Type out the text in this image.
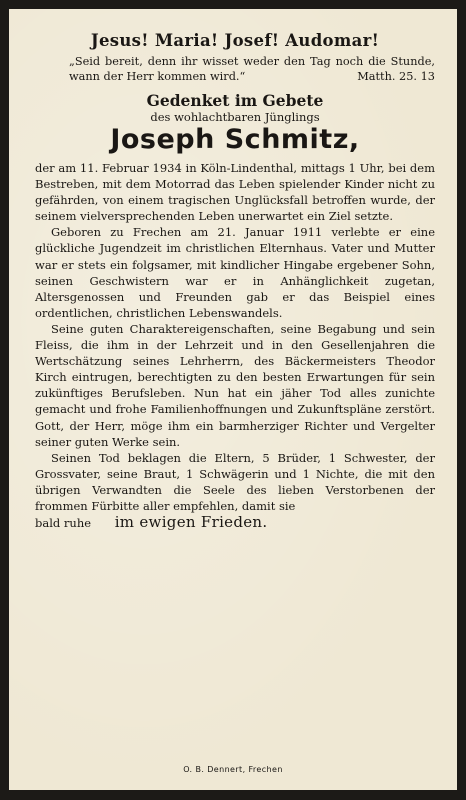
Jesus! Maria! Josef! Audomar!
„Seid bereit, denn ihr wisset weder den Tag noch die Stunde, wann der Herr kommen wird.“	Matth. 25. 13
Gedenket im Gebete
des wohlachtbaren Jünglings
Joseph Schmitz,

der am 11. Februar 1934 in Köln-Lindenthal, mittags 1 Uhr, bei dem Bestreben, mit dem Motorrad das Leben spielender Kinder nicht zu gefährden, von einem tragischen Unglücksfall betroffen wurde, der seinem vielversprechenden Leben unerwartet ein Ziel setzte.

Geboren zu Frechen am 21. Januar 1911 verlebte er eine glückliche Jugendzeit im christlichen Elternhaus. Vater und Mutter war er stets ein folgsamer, mit kindlicher Hingabe ergebener Sohn, seinen Geschwistern war er in Anhänglichkeit zugetan, Altersgenossen und Freunden gab er das Beispiel eines ordentlichen, christlichen Lebenswandels.

Seine guten Charaktereigenschaften, seine Begabung und sein Fleiss, die ihm in der Lehrzeit und in den Gesellenjahren die Wertschätzung seines Lehrherrn, des Bäckermeisters Theodor Kirch eintrugen, berechtigten zu den besten Erwartungen für sein zukünftiges Berufsleben. Nun hat ein jäher Tod alles zunichte gemacht und frohe Familienhoffnungen und Zukunftspläne zerstört. Gott, der Herr, möge ihm ein barmherziger Richter und Vergelter seiner guten Werke sein.

Seinen Tod beklagen die Eltern, 5 Brüder, 1 Schwester, der Grossvater, seine Braut, 1 Schwägerin und 1 Nichte, die mit den übrigen Verwandten die Seele des lieben Verstorbenen der frommen Fürbitte aller empfehlen, damit sie

bald ruhe im ewigen Frieden.
O. B. Dennert, Frechen
